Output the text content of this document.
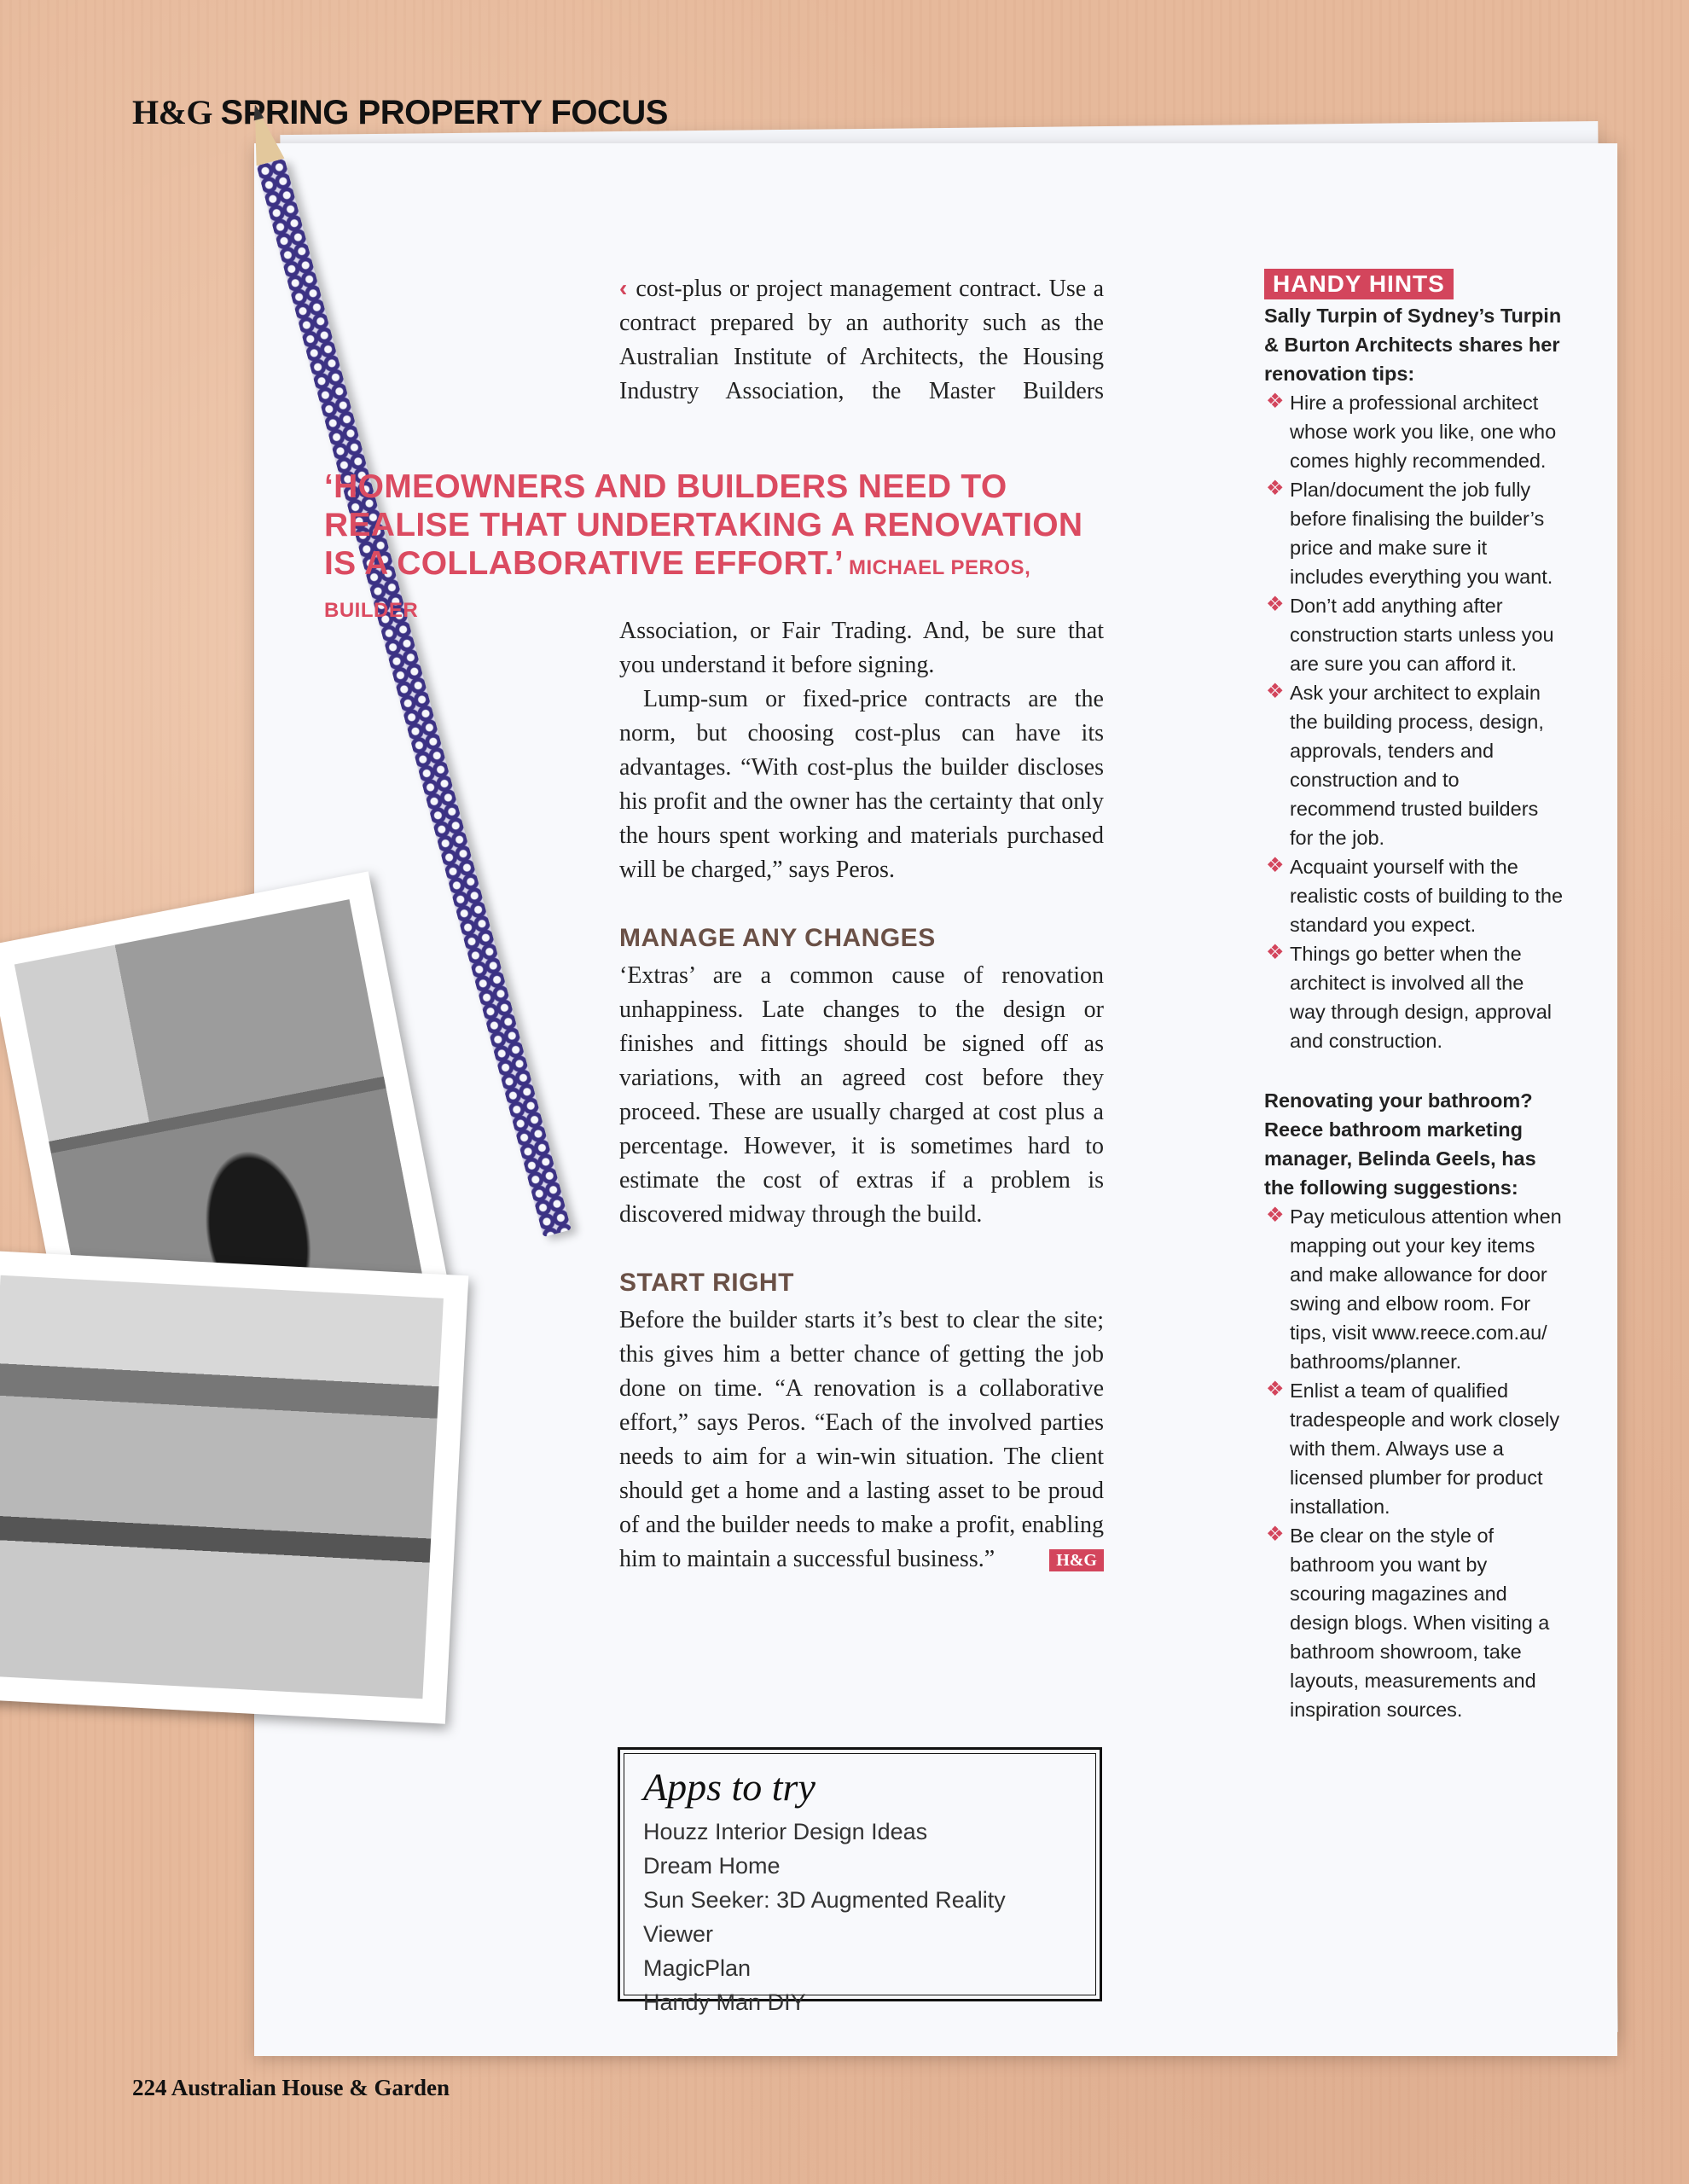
H&G SPRING PROPERTY FOCUS

‹ cost-plus or project management contract. Use a contract prepared by an authority such as the Australian Institute of Architects, the Housing Industry Association, the Master Builders

‘HOMEOWNERS AND BUILDERS NEED TO
REALISE THAT UNDERTAKING A RENOVATION
IS A COLLABORATIVE EFFORT.’ MICHAEL PEROS, BUILDER

Association, or Fair Trading. And, be sure that you understand it before signing.

Lump-sum or fixed-price contracts are the norm, but choosing cost-plus can have its advantages. “With cost-plus the builder discloses his profit and the owner has the certainty that only the hours spent working and materials purchased will be charged,” says Peros.

MANAGE ANY CHANGES

‘Extras’ are a common cause of renovation unhappiness. Late changes to the design or finishes and fittings should be signed off as variations, with an agreed cost before they proceed. These are usually charged at cost plus a percentage. However, it is sometimes hard to estimate the cost of extras if a problem is discovered midway through the build.

START RIGHT

Before the builder starts it’s best to clear the site; this gives him a better chance of getting the job done on time. “A renovation is a collaborative effort,” says Peros. “Each of the involved parties needs to aim for a win-win situation. The client should get a home and a lasting asset to be proud of and the builder needs to make a profit, enabling him to maintain a successful business.”	H&G

Apps to try
Houzz Interior Design Ideas
Dream Home
Sun Seeker: 3D Augmented Reality Viewer
MagicPlan
Handy Man DIY
HANDY HINTS
Sally Turpin of Sydney’s Turpin & Burton Architects shares her renovation tips:
❖ Hire a professional architect whose work you like, one who comes highly recommended.
❖ Plan/document the job fully before finalising the builder’s price and make sure it includes everything you want.
❖ Don’t add anything after construction starts unless you are sure you can afford it.
❖ Ask your architect to explain the building process, design, approvals, tenders and construction and to recommend trusted builders for the job.
❖ Acquaint yourself with the realistic costs of building to the standard you expect.
❖ Things go better when the architect is involved all the way through design, approval and construction.
Renovating your bathroom? Reece bathroom marketing manager, Belinda Geels, has the following suggestions:
❖ Pay meticulous attention when mapping out your key items and make allowance for door swing and elbow room. For tips, visit www.reece.com.au/ bathrooms/planner.
❖ Enlist a team of qualified tradespeople and work closely with them. Always use a licensed plumber for product installation.
❖ Be clear on the style of bathroom you want by scouring magazines and design blogs. When visiting a bathroom showroom, take layouts, measurements and inspiration sources.
224 Australian House & Garden
